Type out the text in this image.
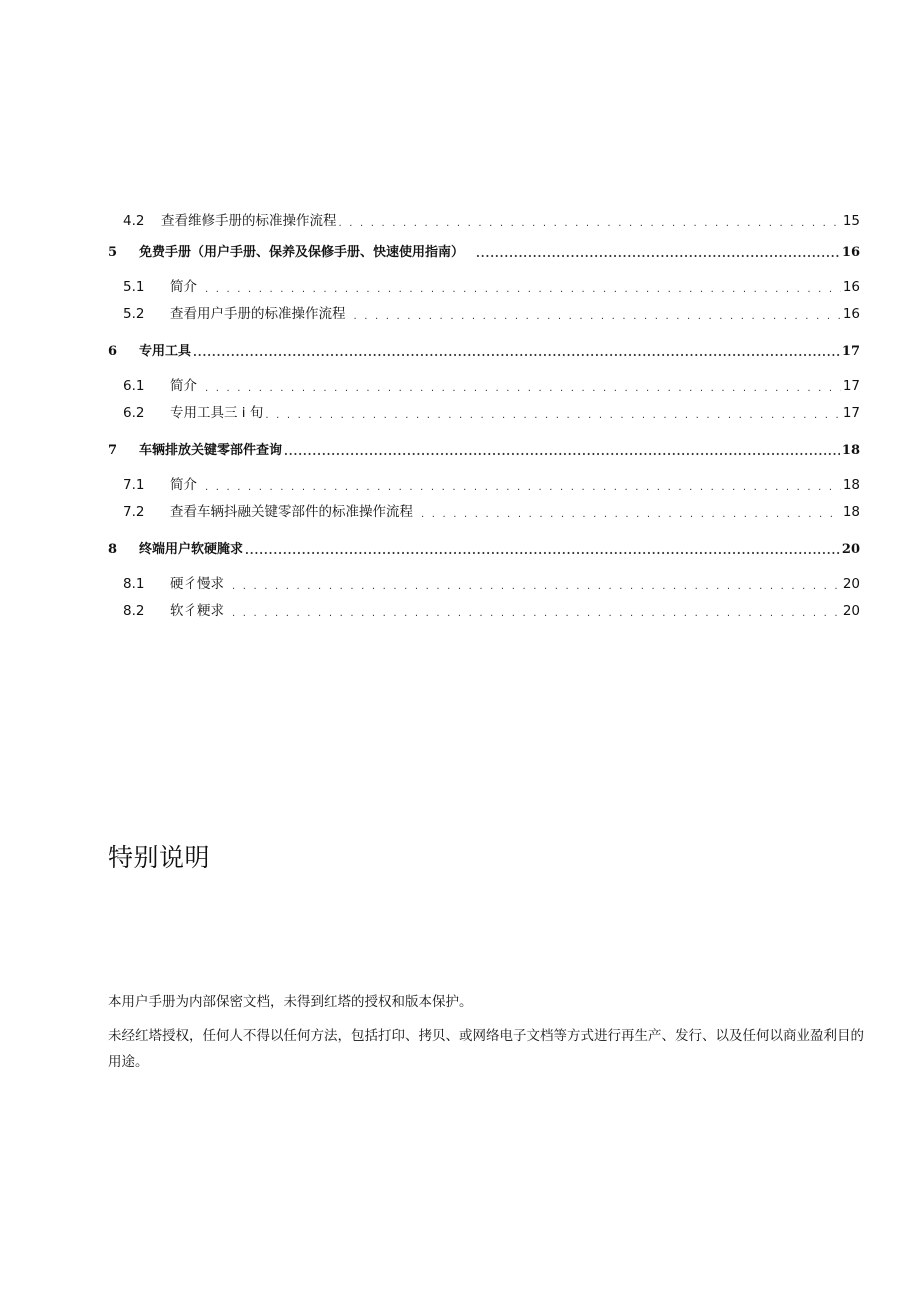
4.2	查看维修手册的标准操作流程 . . .	15
5	免费手册（用户手册、保养及保修手册、快速使用指南） .....	16
5.1	简介 . . .	16
5.2	查看用户手册的标准操作流程 . . .	16
6	专用工具 .....	17
6.1	简介 . . .	17
6.2	专用工具三 i 旬 . . .	17
7	车辆排放关键零部件查询 .....	18
7.1	简介 . . .	18
7.2	查看车辆抖融关键零部件的标准操作流程 . . .	18
8	终端用户软硬腌求 .....	20
8.1	硬彳慢求 . . .	20
8.2	软彳粳求 . . .	20
特别说明

本用户手册为内部保密文档，未得到红塔的授权和版本保护。

未经红塔授权，任何人不得以任何方法，包括打印、拷贝、或网络电子文档等方式进行再生产、发行、以及任何以商业盈利目的用途。
